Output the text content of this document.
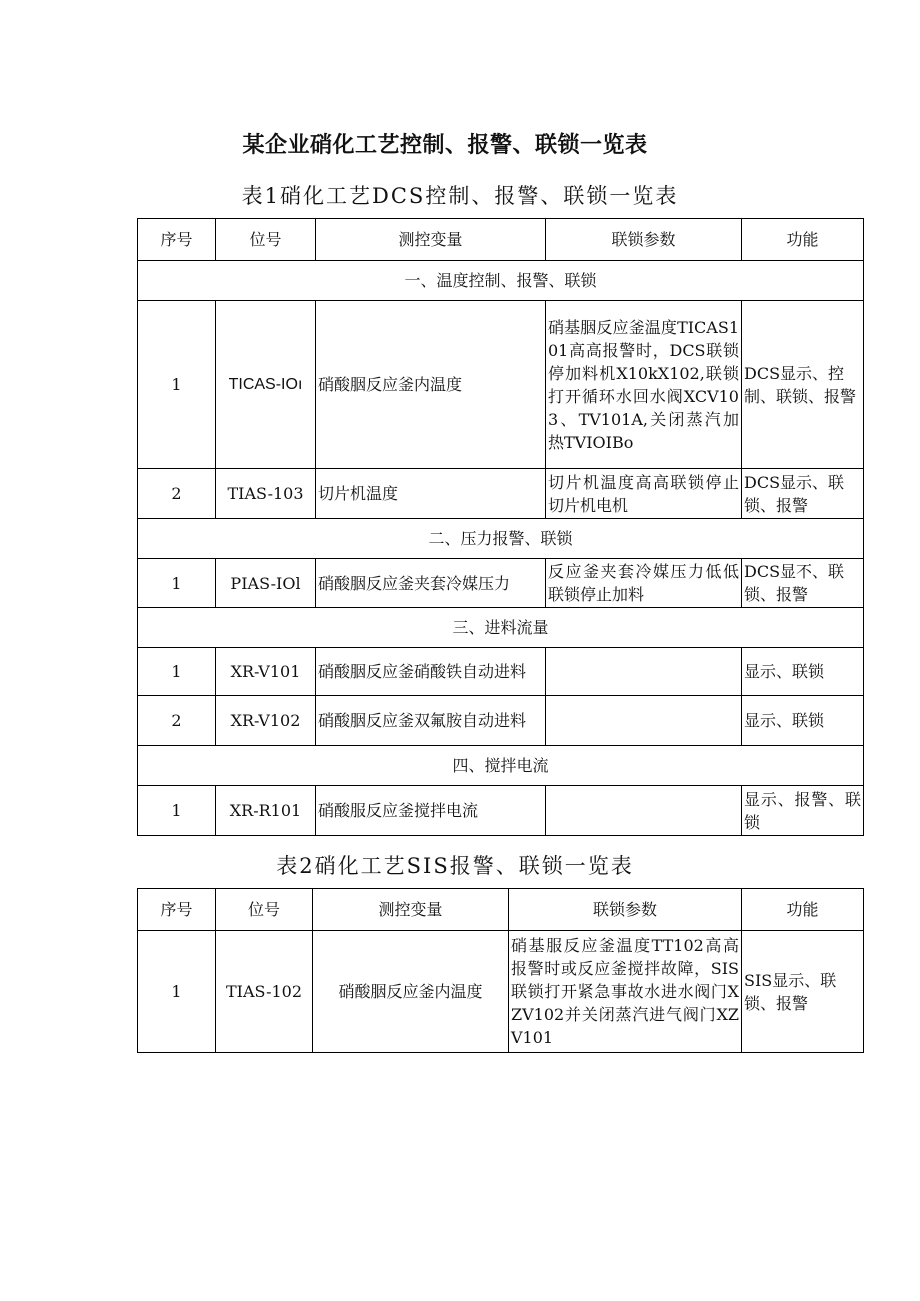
某企业硝化工艺控制、报警、联锁一览表
表1硝化工艺DCS控制、报警、联锁一览表
序号	位号	测控变量	联锁参数	功能
一、温度控制、报警、联锁				
1	TICAS-IOı	硝酸胭反应釜内温度	硝基胭反应釜温度TICAS101高高报警时，DCS联锁停加料机X10kX102,联锁打开循环水回水阀XCV103、TV101A,关闭蒸汽加热TVIOIBo	DCS显示、控制、联锁、报警
2	TIAS-103	切片机温度	切片机温度高高联锁停止切片机电机	DCS显示、联锁、报警
二、压力报警、联锁				
1	PIAS-IOl	硝酸胭反应釜夹套冷媒压力	反应釜夹套冷媒压力低低联锁停止加料	DCS显不、联锁、报警
三、进料流量				
1	XR-V101	硝酸胭反应釜硝酸铁自动进料		显示、联锁
2	XR-V102	硝酸胭反应釜双氟胺自动进料		显示、联锁
四、搅拌电流				
1	XR-R101	硝酸服反应釜搅拌电流		显示、报警、联锁
表2硝化工艺SIS报警、联锁一览表
序号	位号	测控变量	联锁参数	功能
1	TIAS-102	硝酸胭反应釜内温度	硝基服反应釜温度TT102高高报警时或反应釜搅拌故障，SIS联锁打开紧急事故水进水阀门XZV102并关闭蒸汽进气阀门XZV101	SIS显示、联锁、报警
